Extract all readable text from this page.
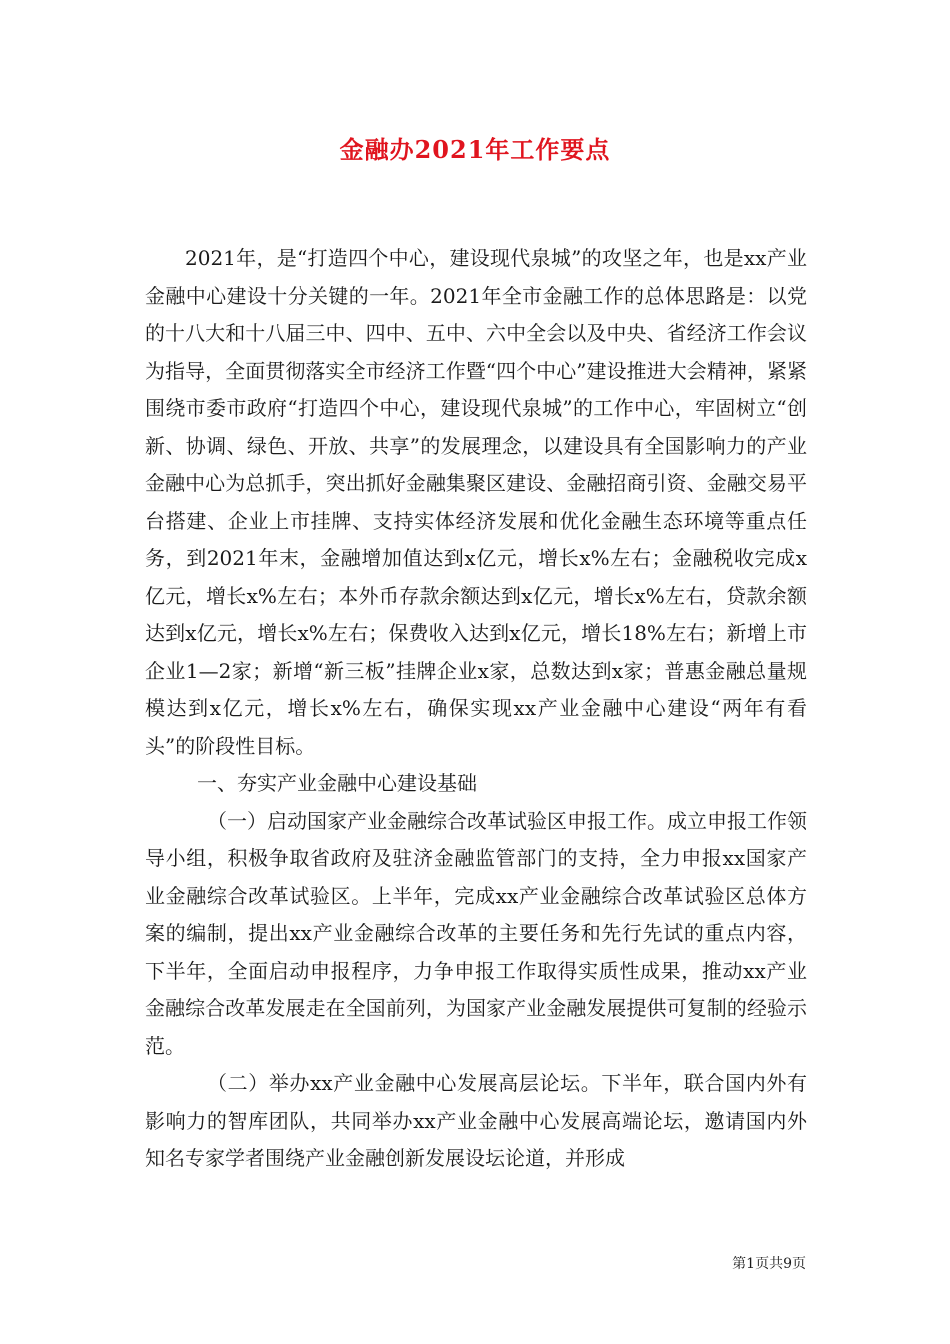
金融办2021年工作要点

2021年，是“打造四个中心，建设现代泉城”的攻坚之年，也是xx产业金融中心建设十分关键的一年。2021年全市金融工作的总体思路是：以党的十八大和十八届三中、四中、五中、六中全会以及中央、省经济工作会议为指导，全面贯彻落实全市经济工作暨“四个中心”建设推进大会精神，紧紧围绕市委市政府“打造四个中心，建设现代泉城”的工作中心，牢固树立“创新、协调、绿色、开放、共享”的发展理念，以建设具有全国影响力的产业金融中心为总抓手，突出抓好金融集聚区建设、金融招商引资、金融交易平台搭建、企业上市挂牌、支持实体经济发展和优化金融生态环境等重点任务，到2021年末，金融增加值达到x亿元，增长x%左右；金融税收完成x亿元，增长x%左右；本外币存款余额达到x亿元，增长x%左右，贷款余额达到x亿元，增长x%左右；保费收入达到x亿元，增长18%左右；新增上市企业1—2家；新增“新三板”挂牌企业x家，总数达到x家；普惠金融总量规模达到x亿元，增长x%左右，确保实现xx产业金融中心建设“两年有看头”的阶段性目标。

一、夯实产业金融中心建设基础

（一）启动国家产业金融综合改革试验区申报工作。成立申报工作领导小组，积极争取省政府及驻济金融监管部门的支持，全力申报xx国家产业金融综合改革试验区。上半年，完成xx产业金融综合改革试验区总体方案的编制，提出xx产业金融综合改革的主要任务和先行先试的重点内容，下半年，全面启动申报程序，力争申报工作取得实质性成果，推动xx产业金融综合改革发展走在全国前列，为国家产业金融发展提供可复制的经验示范。

（二）举办xx产业金融中心发展高层论坛。下半年，联合国内外有影响力的智库团队，共同举办xx产业金融中心发展高端论坛，邀请国内外知名专家学者围绕产业金融创新发展设坛论道，并形成

第1页共9页
